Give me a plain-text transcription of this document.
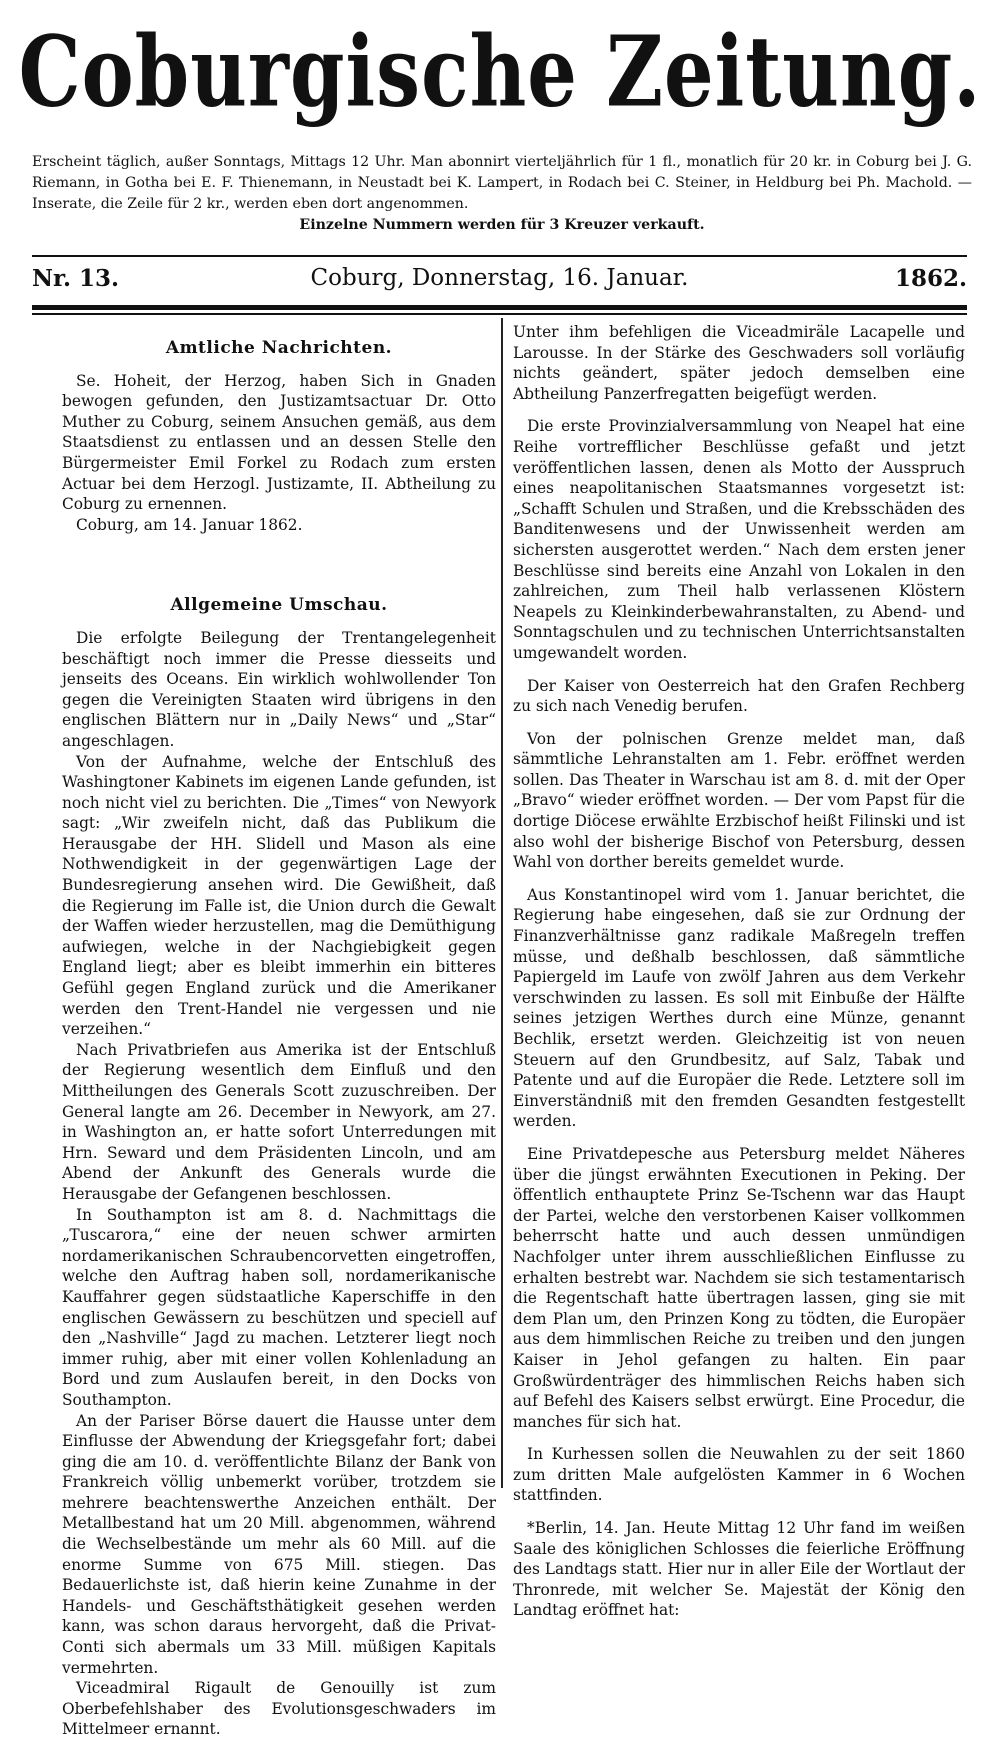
Coburgische Zeitung.

Erscheint täglich, außer Sonntags, Mittags 12 Uhr. Man abonnirt vierteljährlich für 1 fl., monatlich für 20 kr. in Coburg bei J. G. Riemann, in Gotha bei E. F. Thienemann, in Neustadt bei K. Lampert, in Rodach bei C. Steiner, in Heldburg bei Ph. Machold. — Inserate, die Zeile für 2 kr., werden eben dort angenommen.

Einzelne Nummern werden für 3 Kreuzer verkauft.

Nr. 13.	Coburg, Donnerstag, 16. Januar.	1862.
Amtliche Nachrichten.

Se. Hoheit, der Herzog, haben Sich in Gnaden bewogen gefunden, den Justizamtsactuar Dr. Otto Muther zu Coburg, seinem Ansuchen gemäß, aus dem Staatsdienst zu entlassen und an dessen Stelle den Bürgermeister Emil Forkel zu Rodach zum ersten Actuar bei dem Herzogl. Justizamte, II. Abtheilung zu Coburg zu ernennen.

Coburg, am 14. Januar 1862.

Allgemeine Umschau.

Die erfolgte Beilegung der Trentangelegenheit beschäftigt noch immer die Presse diesseits und jenseits des Oceans. Ein wirklich wohlwollender Ton gegen die Vereinigten Staaten wird übrigens in den englischen Blättern nur in „Daily News“ und „Star“ angeschlagen.

Von der Aufnahme, welche der Entschluß des Washingtoner Kabinets im eigenen Lande gefunden, ist noch nicht viel zu berichten. Die „Times“ von Newyork sagt: „Wir zweifeln nicht, daß das Publikum die Herausgabe der HH. Slidell und Mason als eine Nothwendigkeit in der gegenwärtigen Lage der Bundesregierung ansehen wird. Die Gewißheit, daß die Regierung im Falle ist, die Union durch die Gewalt der Waffen wieder herzustellen, mag die Demüthigung aufwiegen, welche in der Nachgiebigkeit gegen England liegt; aber es bleibt immerhin ein bitteres Gefühl gegen England zurück und die Amerikaner werden den Trent-Handel nie vergessen und nie verzeihen.“

Nach Privatbriefen aus Amerika ist der Entschluß der Regierung wesentlich dem Einfluß und den Mittheilungen des Generals Scott zuzuschreiben. Der General langte am 26. December in Newyork, am 27. in Washington an, er hatte sofort Unterredungen mit Hrn. Seward und dem Präsidenten Lincoln, und am Abend der Ankunft des Generals wurde die Herausgabe der Gefangenen beschlossen.

In Southampton ist am 8. d. Nachmittags die „Tuscarora,“ eine der neuen schwer armirten nordamerikanischen Schraubencorvetten eingetroffen, welche den Auftrag haben soll, nordamerikanische Kauffahrer gegen südstaatliche Kaperschiffe in den englischen Gewässern zu beschützen und speciell auf den „Nashville“ Jagd zu machen. Letzterer liegt noch immer ruhig, aber mit einer vollen Kohlenladung an Bord und zum Auslaufen bereit, in den Docks von Southampton.

An der Pariser Börse dauert die Hausse unter dem Einflusse der Abwendung der Kriegsgefahr fort; dabei ging die am 10. d. veröffentlichte Bilanz der Bank von Frankreich völlig unbemerkt vorüber, trotzdem sie mehrere beachtenswerthe Anzeichen enthält. Der Metallbestand hat um 20 Mill. abgenommen, während die Wechselbestände um mehr als 60 Mill. auf die enorme Summe von 675 Mill. stiegen. Das Bedauerlichste ist, daß hierin keine Zunahme in der Handels- und Geschäftsthätigkeit gesehen werden kann, was schon daraus hervorgeht, daß die Privat-Conti sich abermals um 33 Mill. müßigen Kapitals vermehrten.

Viceadmiral Rigault de Genouilly ist zum Oberbefehlshaber des Evolutionsgeschwaders im Mittelmeer ernannt.

Unter ihm befehligen die Viceadmiräle Lacapelle und Larousse. In der Stärke des Geschwaders soll vorläufig nichts geändert, später jedoch demselben eine Abtheilung Panzerfregatten beigefügt werden.

Die erste Provinzialversammlung von Neapel hat eine Reihe vortrefflicher Beschlüsse gefaßt und jetzt veröffentlichen lassen, denen als Motto der Ausspruch eines neapolitanischen Staatsmannes vorgesetzt ist: „Schafft Schulen und Straßen, und die Krebsschäden des Banditenwesens und der Unwissenheit werden am sichersten ausgerottet werden.“ Nach dem ersten jener Beschlüsse sind bereits eine Anzahl von Lokalen in den zahlreichen, zum Theil halb verlassenen Klöstern Neapels zu Kleinkinderbewahranstalten, zu Abend- und Sonntagschulen und zu technischen Unterrichtsanstalten umgewandelt worden.

Der Kaiser von Oesterreich hat den Grafen Rechberg zu sich nach Venedig berufen.

Von der polnischen Grenze meldet man, daß sämmtliche Lehranstalten am 1. Febr. eröffnet werden sollen. Das Theater in Warschau ist am 8. d. mit der Oper „Bravo“ wieder eröffnet worden. — Der vom Papst für die dortige Diöcese erwählte Erzbischof heißt Filinski und ist also wohl der bisherige Bischof von Petersburg, dessen Wahl von dorther bereits gemeldet wurde.

Aus Konstantinopel wird vom 1. Januar berichtet, die Regierung habe eingesehen, daß sie zur Ordnung der Finanzverhältnisse ganz radikale Maßregeln treffen müsse, und deßhalb beschlossen, daß sämmtliche Papiergeld im Laufe von zwölf Jahren aus dem Verkehr verschwinden zu lassen. Es soll mit Einbuße der Hälfte seines jetzigen Werthes durch eine Münze, genannt Bechlik, ersetzt werden. Gleichzeitig ist von neuen Steuern auf den Grundbesitz, auf Salz, Tabak und Patente und auf die Europäer die Rede. Letztere soll im Einverständniß mit den fremden Gesandten festgestellt werden.

Eine Privatdepesche aus Petersburg meldet Näheres über die jüngst erwähnten Executionen in Peking. Der öffentlich enthauptete Prinz Se-Tschenn war das Haupt der Partei, welche den verstorbenen Kaiser vollkommen beherrscht hatte und auch dessen unmündigen Nachfolger unter ihrem ausschließlichen Einflusse zu erhalten bestrebt war. Nachdem sie sich testamentarisch die Regentschaft hatte übertragen lassen, ging sie mit dem Plan um, den Prinzen Kong zu tödten, die Europäer aus dem himmlischen Reiche zu treiben und den jungen Kaiser in Jehol gefangen zu halten. Ein paar Großwürdenträger des himmlischen Reichs haben sich auf Befehl des Kaisers selbst erwürgt. Eine Procedur, die manches für sich hat.

In Kurhessen sollen die Neuwahlen zu der seit 1860 zum dritten Male aufgelösten Kammer in 6 Wochen stattfinden.

*Berlin, 14. Jan. Heute Mittag 12 Uhr fand im weißen Saale des königlichen Schlosses die feierliche Eröffnung des Landtags statt. Hier nur in aller Eile der Wortlaut der Thronrede, mit welcher Se. Majestät der König den Landtag eröffnet hat:
